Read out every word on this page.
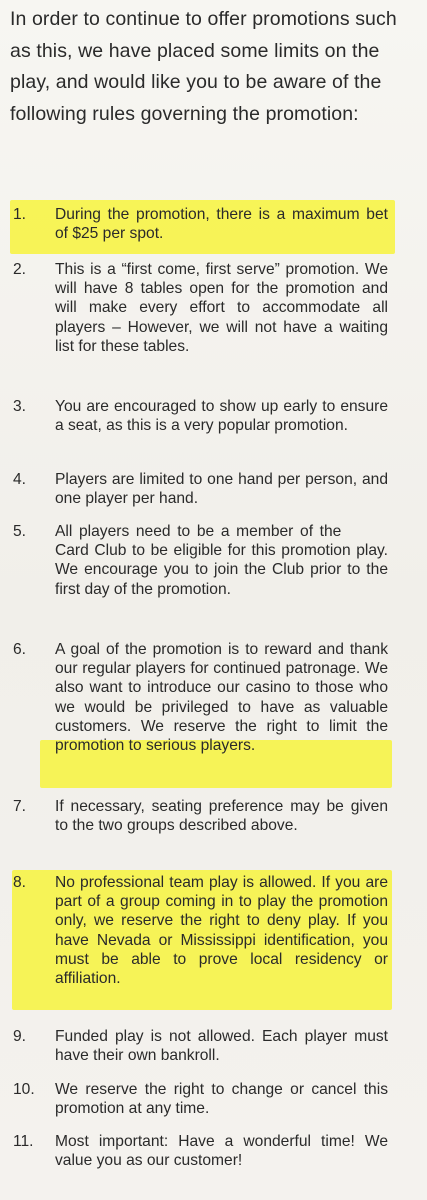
In order to continue to offer promotions such as this, we have placed some limits on the play, and would like you to be aware of the following rules governing the promotion:

1.	During the promotion, there is a maximum bet of $25 per spot.
2.	This is a “first come, first serve” promotion. We will have 8 tables open for the promotion and will make every effort to accommodate all players – However, we will not have a waiting list for these tables.
3.	You are encouraged to show up early to ensure a seat, as this is a very popular promotion.
4.	Players are limited to one hand per person, and one player per hand.
5.	All players need to be a member of the Card Club to be eligible for this promotion play. We encourage you to join the Club prior to the first day of the promotion.
6.	A goal of the promotion is to reward and thank our regular players for continued patronage. We also want to introduce our casino to those who we would be privileged to have as valuable customers. We reserve the right to limit the promotion to serious players.
7.	If necessary, seating preference may be given to the two groups described above.
8.	No professional team play is allowed. If you are part of a group coming in to play the promotion only, we reserve the right to deny play. If you have Nevada or Mississippi identification, you must be able to prove local residency or affiliation.
9.	Funded play is not allowed. Each player must have their own bankroll.
10.	We reserve the right to change or cancel this promotion at any time.
11.	Most important: Have a wonderful time! We value you as our customer!
